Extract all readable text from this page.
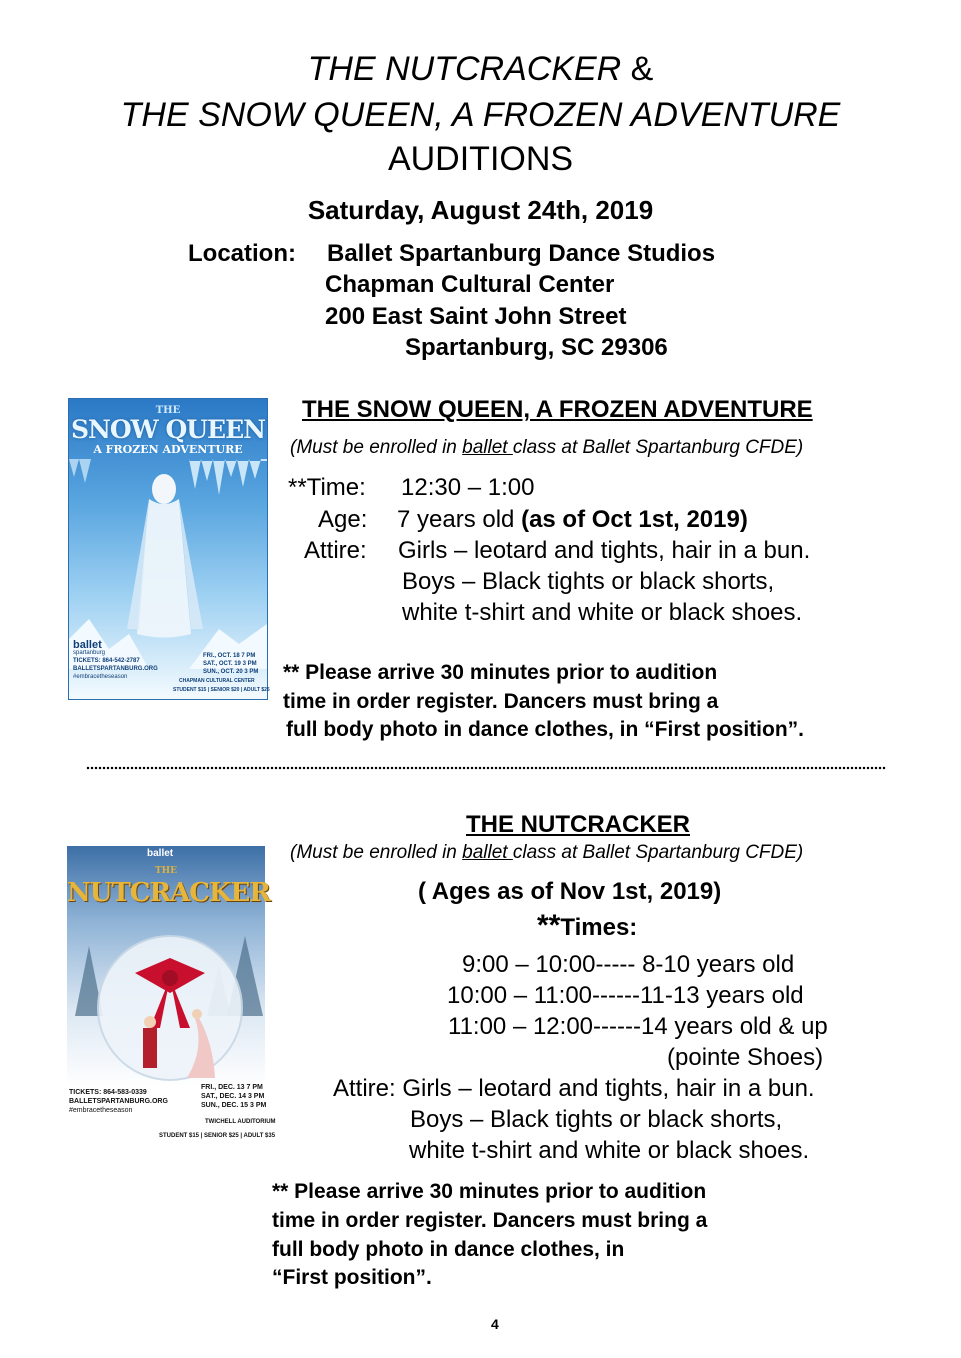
THE NUTCRACKER &
THE SNOW QUEEN, A FROZEN ADVENTURE
AUDITIONS
Saturday, August 24th, 2019
Location: Ballet Spartanburg Dance Studios
Chapman Cultural Center
200 East Saint John Street
Spartanburg, SC 29306
THE
SNOW QUEEN
A FROZEN ADVENTURE
ballet
spartanburg
TICKETS: 864-542-2787
BALLETSPARTANBURG.ORG
#embracetheseason
FRI., OCT. 18 7 PM
SAT., OCT. 19 3 PM
SUN., OCT. 20 3 PM
CHAPMAN CULTURAL CENTER
STUDENT $15 | SENIOR $20 | ADULT $25
THE SNOW QUEEN, A FROZEN ADVENTURE
(Must be enrolled in ballet class at Ballet Spartanburg CFDE)
**Time: 12:30 – 1:00
Age: 7 years old (as of Oct 1st, 2019)
Attire: Girls – leotard and tights, hair in a bun.
Boys – Black tights or black shorts,
white t-shirt and white or black shoes.
** Please arrive 30 minutes prior to audition
time in order register. Dancers must bring a
full body photo in dance clothes, in “First position”.
ballet
THE
NUTCRACKER
TICKETS: 864-583-0339
BALLETSPARTANBURG.ORG
#embracetheseason
FRI., DEC. 13 7 PM
SAT., DEC. 14 3 PM
SUN., DEC. 15 3 PM
TWICHELL AUDITORIUM
STUDENT $15 | SENIOR $25 | ADULT $35
THE NUTCRACKER
(Must be enrolled in ballet class at Ballet Spartanburg CFDE)
( Ages as of Nov 1st, 2019)
**Times:
9:00 – 10:00----- 8-10 years old
10:00 – 11:00------11-13 years old
11:00 – 12:00------14 years old & up
(pointe Shoes)
Attire: Girls – leotard and tights, hair in a bun.
Boys – Black tights or black shorts,
white t-shirt and white or black shoes.
** Please arrive 30 minutes prior to audition
time in order register. Dancers must bring a
full body photo in dance clothes, in
“First position”.
4
